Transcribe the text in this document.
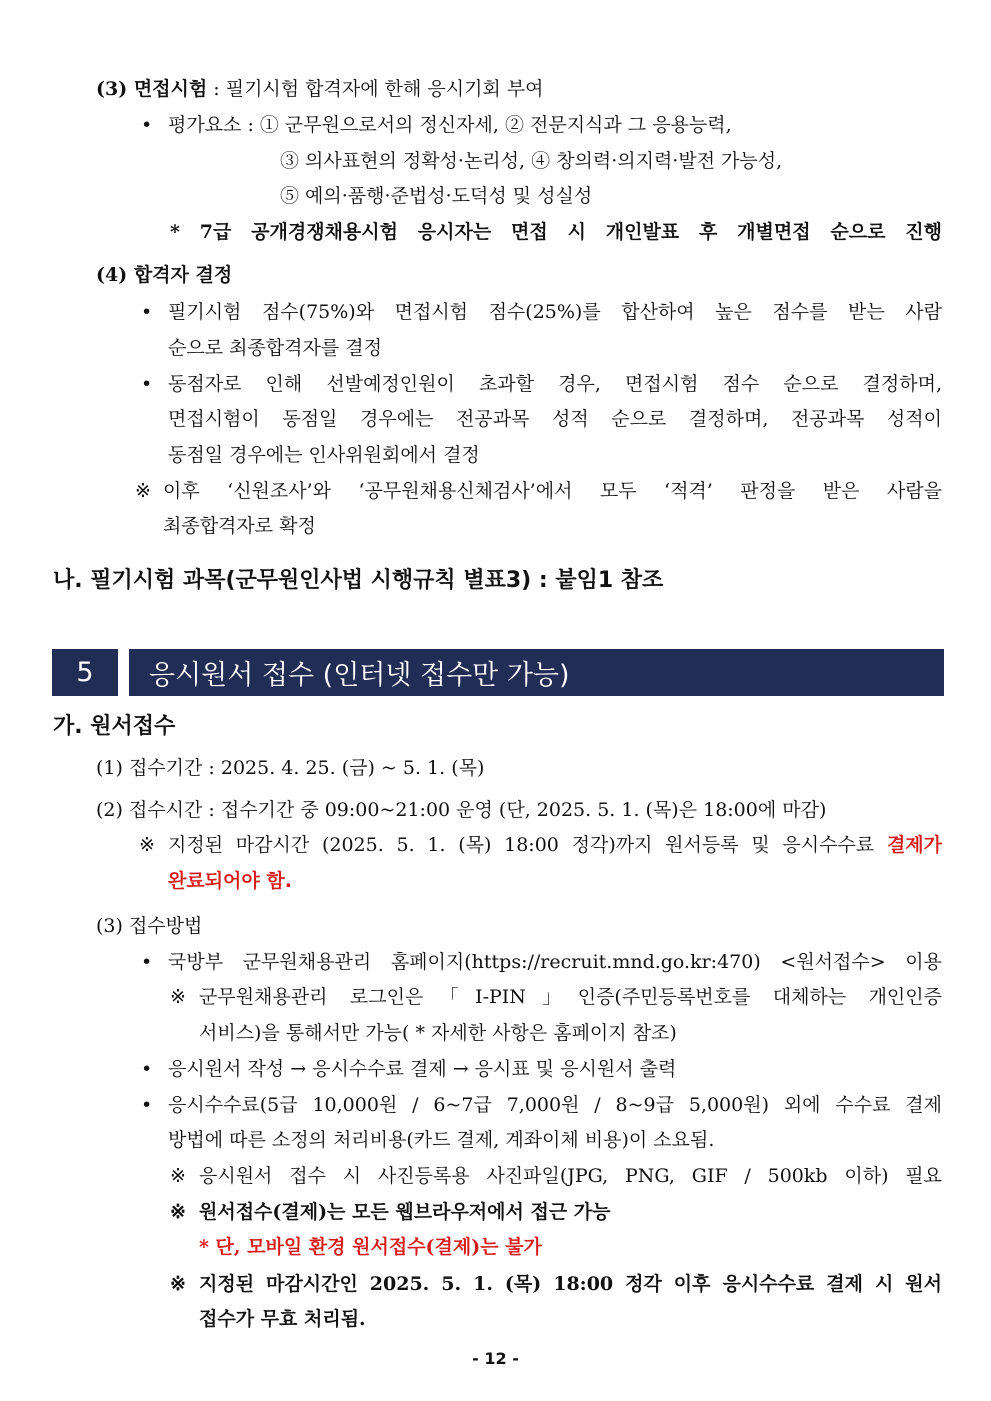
(3) 면접시험 : 필기시험 합격자에 한해 응시기회 부여
• 평가요소 : ① 군무원으로서의 정신자세, ② 전문지식과 그 응용능력,
③ 의사표현의 정확성·논리성, ④ 창의력·의지력·발전 가능성,
⑤ 예의·품행·준법성·도덕성 및 성실성
* 7급 공개경쟁채용시험 응시자는 면접 시 개인발표 후 개별면접 순으로 진행
(4) 합격자 결정
• 필기시험 점수(75%)와 면접시험 점수(25%)를 합산하여 높은 점수를 받는 사람
순으로 최종합격자를 결정
• 동점자로 인해 선발예정인원이 초과할 경우, 면접시험 점수 순으로 결정하며,
면접시험이 동점일 경우에는 전공과목 성적 순으로 결정하며, 전공과목 성적이
동점일 경우에는 인사위원회에서 결정
※ 이후 ‘신원조사’와 ‘공무원채용신체검사’에서 모두 ‘적격’ 판정을 받은 사람을
최종합격자로 확정
나. 필기시험 과목(군무원인사법 시행규칙 별표3) : 붙임1 참조
5 응시원서 접수 (인터넷 접수만 가능)
가. 원서접수
(1) 접수기간 : 2025. 4. 25. (금) ~ 5. 1. (목)
(2) 접수시간 : 접수기간 중 09:00~21:00 운영 (단, 2025. 5. 1. (목)은 18:00에 마감)
※ 지정된 마감시간 (2025. 5. 1. (목) 18:00 정각)까지 원서등록 및 응시수수료 결제가
완료되어야 함.
(3) 접수방법
• 국방부 군무원채용관리 홈페이지(https://recruit.mnd.go.kr:470) <원서접수> 이용
※ 군무원채용관리 로그인은「I-PIN」인증(주민등록번호를 대체하는 개인인증
서비스)을 통해서만 가능( * 자세한 사항은 홈페이지 참조)
• 응시원서 작성 → 응시수수료 결제 → 응시표 및 응시원서 출력
• 응시수수료(5급 10,000원 / 6~7급 7,000원 / 8~9급 5,000원) 외에 수수료 결제
방법에 따른 소정의 처리비용(카드 결제, 계좌이체 비용)이 소요됨.
※ 응시원서 접수 시 사진등록용 사진파일(JPG, PNG, GIF / 500kb 이하) 필요
※ 원서접수(결제)는 모든 웹브라우저에서 접근 가능
* 단, 모바일 환경 원서접수(결제)는 불가
※ 지정된 마감시간인 2025. 5. 1. (목) 18:00 정각 이후 응시수수료 결제 시 원서
접수가 무효 처리됨.
- 12 -
